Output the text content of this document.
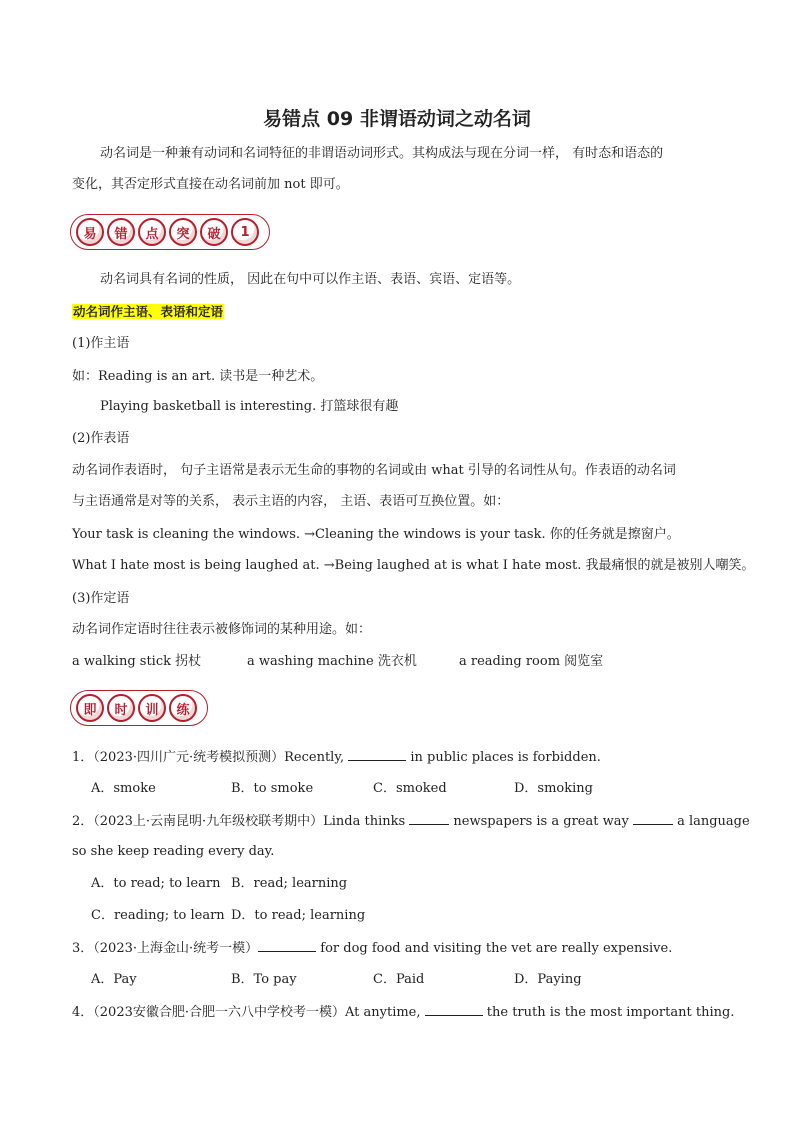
易错点 09 非谓语动词之动名词
动名词是一种兼有动词和名词特征的非谓语动词形式。其构成法与现在分词一样， 有时态和语态的
变化，其否定形式直接在动名词前加 not 即可。
易	错	点	突	破	1
动名词具有名词的性质， 因此在句中可以作主语、表语、宾语、定语等。
动名词作主语、表语和定语
(1)作主语
如：Reading is an art. 读书是一种艺术。
Playing basketball is interesting. 打篮球很有趣
(2)作表语
动名词作表语时， 句子主语常是表示无生命的事物的名词或由 what 引导的名词性从句。作表语的动名词
与主语通常是对等的关系， 表示主语的内容， 主语、表语可互换位置。如：
Your task is cleaning the windows. →Cleaning the windows is your task. 你的任务就是擦窗户。
What I hate most is being laughed at. →Being laughed at is what I hate most. 我最痛恨的就是被别人嘲笑。
(3)作定语
动名词作定语时往往表示被修饰词的某种用途。如：
a walking stick 拐杖	a washing machine 洗衣机	a reading room 阅览室
即	时	训	练
1．（2023·四川广元·统考模拟预测）Recently,	in public places is forbidden.
A．smoke	B．to smoke	C．smoked	D．smoking
2．（2023上·云南昆明·九年级校联考期中）Linda thinks	newspapers is a great way	a language
so she keep reading every day.
A．to read; to learn B．read; learning
C．reading; to learn D．to read; learning
3．（2023·上海金山·统考一模）	for dog food and visiting the vet are really expensive.
A．Pay	B．To pay	C．Paid	D．Paying
4．（2023安徽合肥·合肥一六八中学校考一模）At anytime,	the truth is the most important thing.
